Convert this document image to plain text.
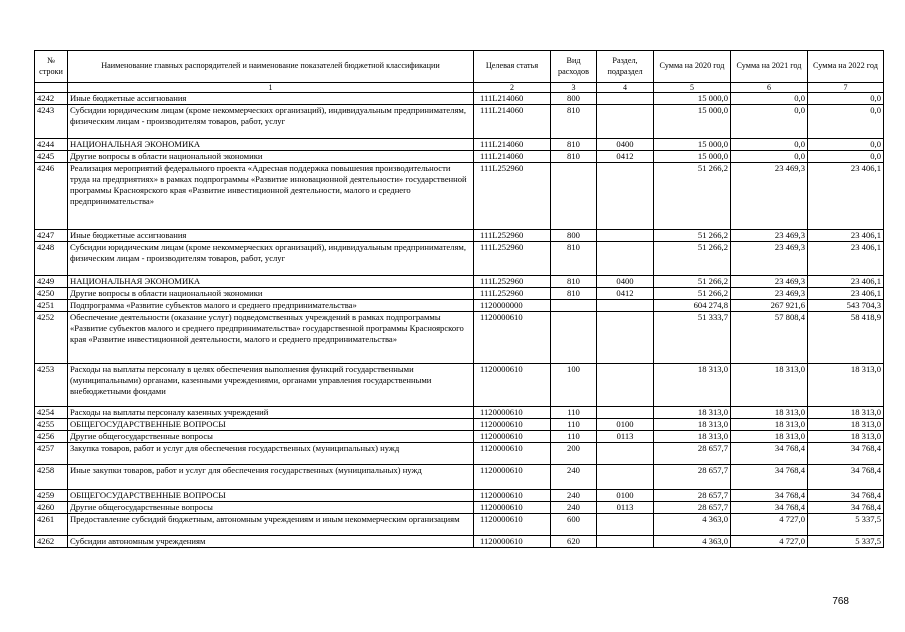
№
строки	Наименование главных распорядителей и наименование показателей бюджетной классификации	Целевая статья	Вид расходов	Раздел, подраздел	Сумма на 2020 год	Сумма на 2021 год	Сумма на 2022 год
	1	2	3	4	5	6	7
4242	Иные бюджетные ассигнования	111L214060	800		15 000,0	0,0	0,0
4243	Субсидии юридическим лицам (кроме некоммерческих организаций), индивидуальным предпринимателям, физическим лицам - производителям товаров, работ, услуг	111L214060	810		15 000,0	0,0	0,0
4244	НАЦИОНАЛЬНАЯ ЭКОНОМИКА	111L214060	810	0400	15 000,0	0,0	0,0
4245	Другие вопросы в области национальной экономики	111L214060	810	0412	15 000,0	0,0	0,0
4246	Реализация мероприятий федерального проекта «Адресная поддержка повышения производительности труда на предприятиях» в рамках подпрограммы «Развитие инновационной деятельности» государственной программы Красноярского края «Развитие инвестиционной деятельности, малого и среднего предпринимательства»	111L252960			51 266,2	23 469,3	23 406,1
4247	Иные бюджетные ассигнования	111L252960	800		51 266,2	23 469,3	23 406,1
4248	Субсидии юридическим лицам (кроме некоммерческих организаций), индивидуальным предпринимателям, физическим лицам - производителям товаров, работ, услуг	111L252960	810		51 266,2	23 469,3	23 406,1
4249	НАЦИОНАЛЬНАЯ ЭКОНОМИКА	111L252960	810	0400	51 266,2	23 469,3	23 406,1
4250	Другие вопросы в области национальной экономики	111L252960	810	0412	51 266,2	23 469,3	23 406,1
4251	Подпрограмма «Развитие субъектов малого и среднего предпринимательства»	1120000000			604 274,8	267 921,6	543 704,3
4252	Обеспечение деятельности (оказание услуг) подведомственных учреждений в рамках подпрограммы «Развитие субъектов малого и среднего предпринимательства» государственной программы Красноярского края «Развитие инвестиционной деятельности, малого и среднего предпринимательства»	1120000610			51 333,7	57 808,4	58 418,9
4253	Расходы на выплаты персоналу в целях обеспечения выполнения функций государственными (муниципальными) органами, казенными учреждениями, органами управления государственными внебюджетными фондами	1120000610	100		18 313,0	18 313,0	18 313,0
4254	Расходы на выплаты персоналу казенных учреждений	1120000610	110		18 313,0	18 313,0	18 313,0
4255	ОБЩЕГОСУДАРСТВЕННЫЕ ВОПРОСЫ	1120000610	110	0100	18 313,0	18 313,0	18 313,0
4256	Другие общегосударственные вопросы	1120000610	110	0113	18 313,0	18 313,0	18 313,0
4257	Закупка товаров, работ и услуг для обеспечения государственных (муниципальных) нужд	1120000610	200		28 657,7	34 768,4	34 768,4
4258	Иные закупки товаров, работ и услуг для обеспечения государственных (муниципальных) нужд	1120000610	240		28 657,7	34 768,4	34 768,4
4259	ОБЩЕГОСУДАРСТВЕННЫЕ ВОПРОСЫ	1120000610	240	0100	28 657,7	34 768,4	34 768,4
4260	Другие общегосударственные вопросы	1120000610	240	0113	28 657,7	34 768,4	34 768,4
4261	Предоставление субсидий бюджетным, автономным учреждениям и иным некоммерческим организациям	1120000610	600		4 363,0	4 727,0	5 337,5
4262	Субсидии автономным учреждениям	1120000610	620		4 363,0	4 727,0	5 337,5
768
